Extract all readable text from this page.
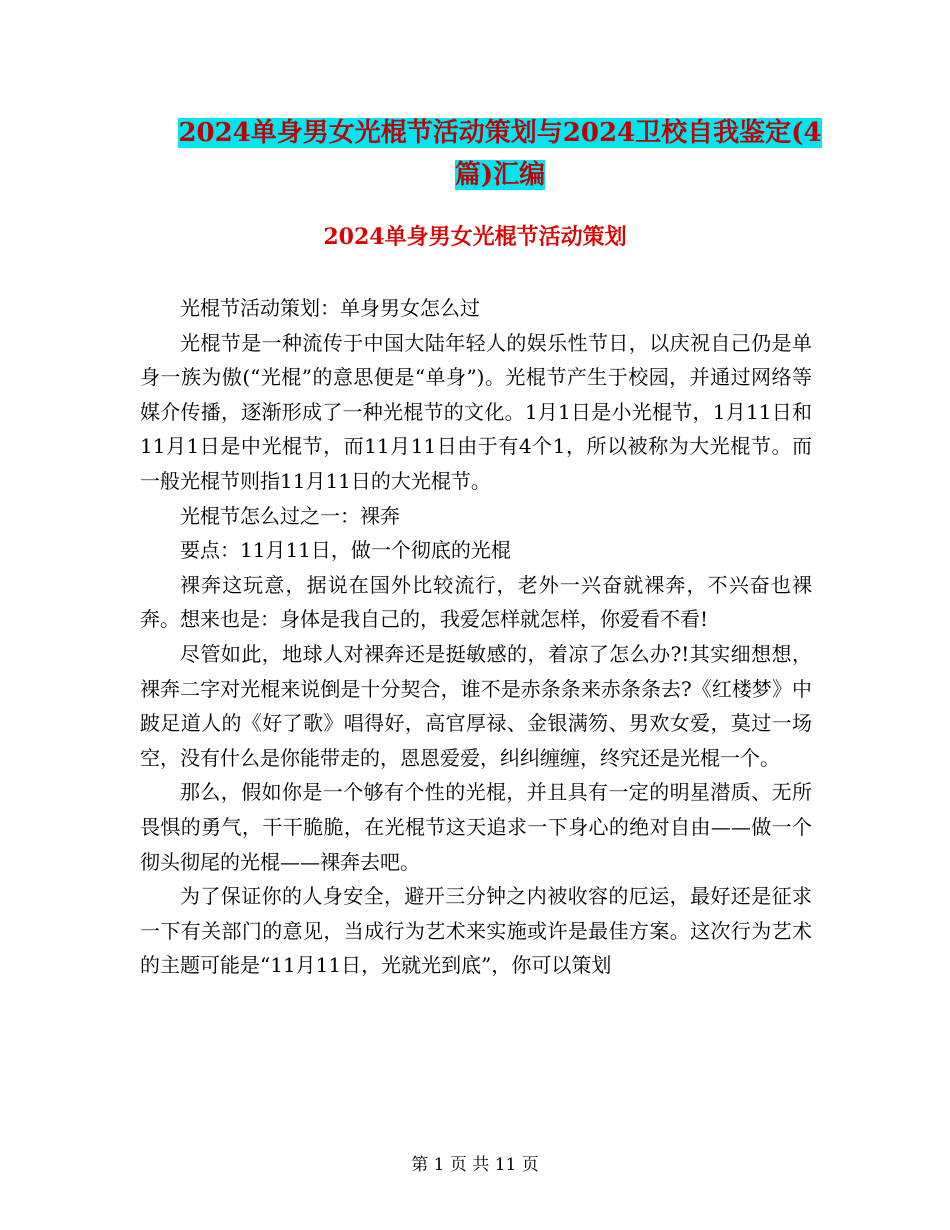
2024单身男女光棍节活动策划与2024卫校自我鉴定(4
篇)汇编
2024单身男女光棍节活动策划

光棍节活动策划：单身男女怎么过

光棍节是一种流传于中国大陆年轻人的娱乐性节日，以庆祝自己仍是单身一族为傲(“光棍”的意思便是“单身”)。光棍节产生于校园，并通过网络等媒介传播，逐渐形成了一种光棍节的文化。1月1日是小光棍节，1月11日和11月1日是中光棍节，而11月11日由于有4个1，所以被称为大光棍节。而一般光棍节则指11月11日的大光棍节。

光棍节怎么过之一：裸奔

要点：11月11日，做一个彻底的光棍

裸奔这玩意，据说在国外比较流行，老外一兴奋就裸奔，不兴奋也裸奔。想来也是：身体是我自己的，我爱怎样就怎样，你爱看不看!

尽管如此，地球人对裸奔还是挺敏感的，着凉了怎么办?!其实细想想，裸奔二字对光棍来说倒是十分契合，谁不是赤条条来赤条条去?《红楼梦》中跛足道人的《好了歌》唱得好，高官厚禄、金银满笏、男欢女爱，莫过一场空，没有什么是你能带走的，恩恩爱爱，纠纠缠缠，终究还是光棍一个。

那么，假如你是一个够有个性的光棍，并且具有一定的明星潜质、无所畏惧的勇气，干干脆脆，在光棍节这天追求一下身心的绝对自由——做一个彻头彻尾的光棍——裸奔去吧。

为了保证你的人身安全，避开三分钟之内被收容的厄运，最好还是征求一下有关部门的意见，当成行为艺术来实施或许是最佳方案。这次行为艺术的主题可能是“11月11日，光就光到底”，你可以策划

第 1 页 共 11 页
